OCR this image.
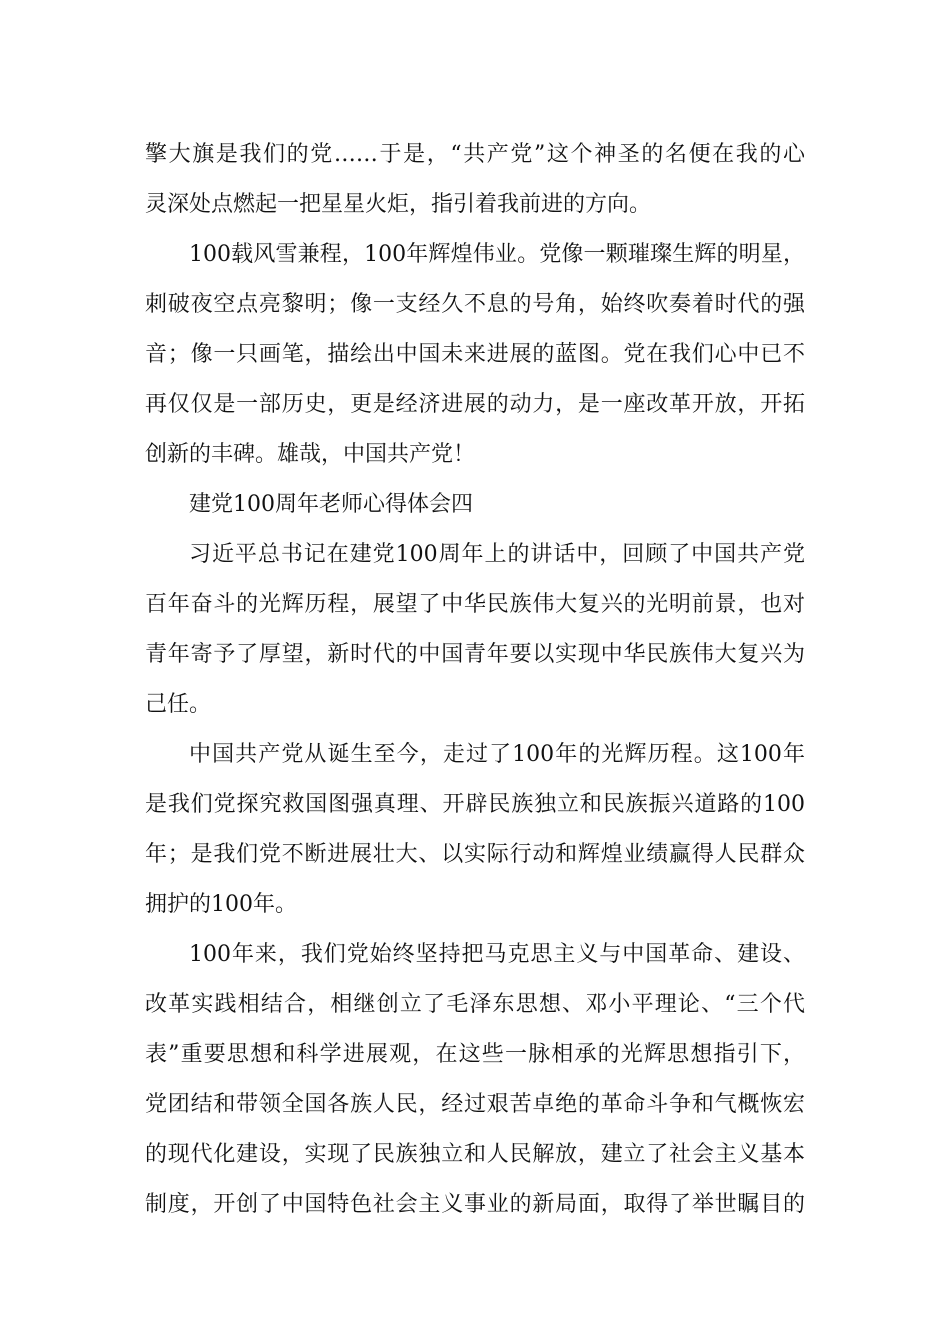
擎大旗是我们的党……于是，“共产党”这个神圣的名便在我的心
灵深处点燃起一把星星火炬，指引着我前进的方向。
100载风雪兼程，100年辉煌伟业。党像一颗璀璨生辉的明星，
刺破夜空点亮黎明；像一支经久不息的号角，始终吹奏着时代的强
音；像一只画笔，描绘出中国未来进展的蓝图。党在我们心中已不
再仅仅是一部历史，更是经济进展的动力，是一座改革开放，开拓
创新的丰碑。雄哉，中国共产党！
建党100周年老师心得体会四
习近平总书记在建党100周年上的讲话中，回顾了中国共产党
百年奋斗的光辉历程，展望了中华民族伟大复兴的光明前景，也对
青年寄予了厚望，新时代的中国青年要以实现中华民族伟大复兴为
己任。
中国共产党从诞生至今，走过了100年的光辉历程。这100年
是我们党探究救国图强真理、开辟民族独立和民族振兴道路的100
年；是我们党不断进展壮大、以实际行动和辉煌业绩赢得人民群众
拥护的100年。
100年来，我们党始终坚持把马克思主义与中国革命、建设、
改革实践相结合，相继创立了毛泽东思想、邓小平理论、“三个代
表”重要思想和科学进展观，在这些一脉相承的光辉思想指引下，
党团结和带领全国各族人民，经过艰苦卓绝的革命斗争和气概恢宏
的现代化建设，实现了民族独立和人民解放，建立了社会主义基本
制度，开创了中国特色社会主义事业的新局面，取得了举世瞩目的
